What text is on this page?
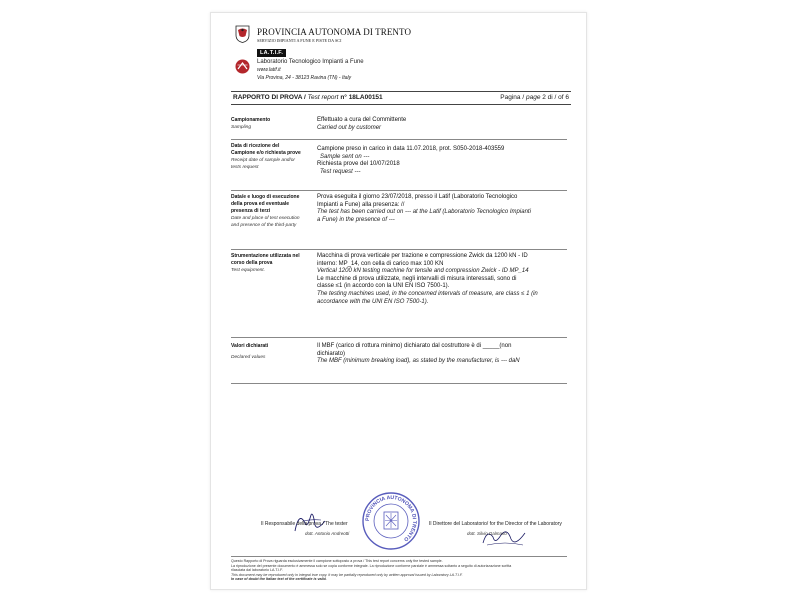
PROVINCIA AUTONOMA DI TRENTO
SERVIZIO IMPIANTI A FUNE E PISTE DA SCI
LA.T.I.F.
Laboratorio Tecnologico Impianti a Fune
www.latif.it
Via Provina, 24 - 38123 Ravina (TN) - Italy
RAPPORTO DI PROVA / Test report n° 18LA00151	Pagina / page 2 di / of 6
Campionamento
Sampling
Effettuato a cura del Committente
Carried out by customer
Data di ricezione del
Campione e/o richiesta prove
Receipt date of sample and/or
tests request
Campione preso in carico in data 11.07.2018, prot. S050-2018-403559
Sample sent on ---
Richiesta prove del 10/07/2018
Test request ---
Data/e e luogo di esecuzione
della prova ed eventuale
presenza di terzi
Date and place of test execution
and presence of the third-party
Prova eseguita il giorno 23/07/2018, presso il Latif (Laboratorio Tecnologico
Impianti a Fune) alla presenza: //
The test has been carried out on --- at the Latif (Laboratorio Tecnologico Impianti
a Fune) in the presence of ---
Strumentazione utilizzata nel
corso della prova
Test equipment.
Macchina di prova verticale per trazione e compressione Zwick da 1200 kN - ID
interno: MP_14, con cella di carico max 100 KN
Vertical 1200 kN testing machine for tensile and compression Zwick - ID MP_14
Le macchine di prova utilizzate, negli intervalli di misura interessati, sono di
classe ≤1 (in accordo con la UNI EN ISO 7500-1).
The testing machines used, in the concerned intervals of measure, are class ≤ 1 (in
accordance with the UNI EN ISO 7500-1).
Valori dichiarati
Declared values
Il MBF (carico di rottura minimo) dichiarato dal costruttore è di _____(non
dichiarato)
The MBF (minimum breaking load), as stated by the manufacturer, is --- daN
PROVINCIA AUTONOMA DI TRENTO
Il Responsabile della prova / The tester
dott. Antonio Andreotti
Il Direttore del Laboratorio/ for the Director of the Laboratory
dott. Silvio Dalmaso
Questo Rapporto di Prova riguarda esclusivamente il campione sottoposto a prova / This test report concerns only the tested sample.
La riproduzione del presente documento è ammessa solo se copia conforme integrale. La riproduzione conforme parziale è ammessa soltanto a seguito di autorizzazione scritta
rilasciata dal laboratorio LA.T.I.F.
This document may be reproduced only in integral true copy. It may be partially reproduced only by written approval issued by Laboratory LA.T.I.F.
In case of doubt the Italian text of the certificate is valid.
